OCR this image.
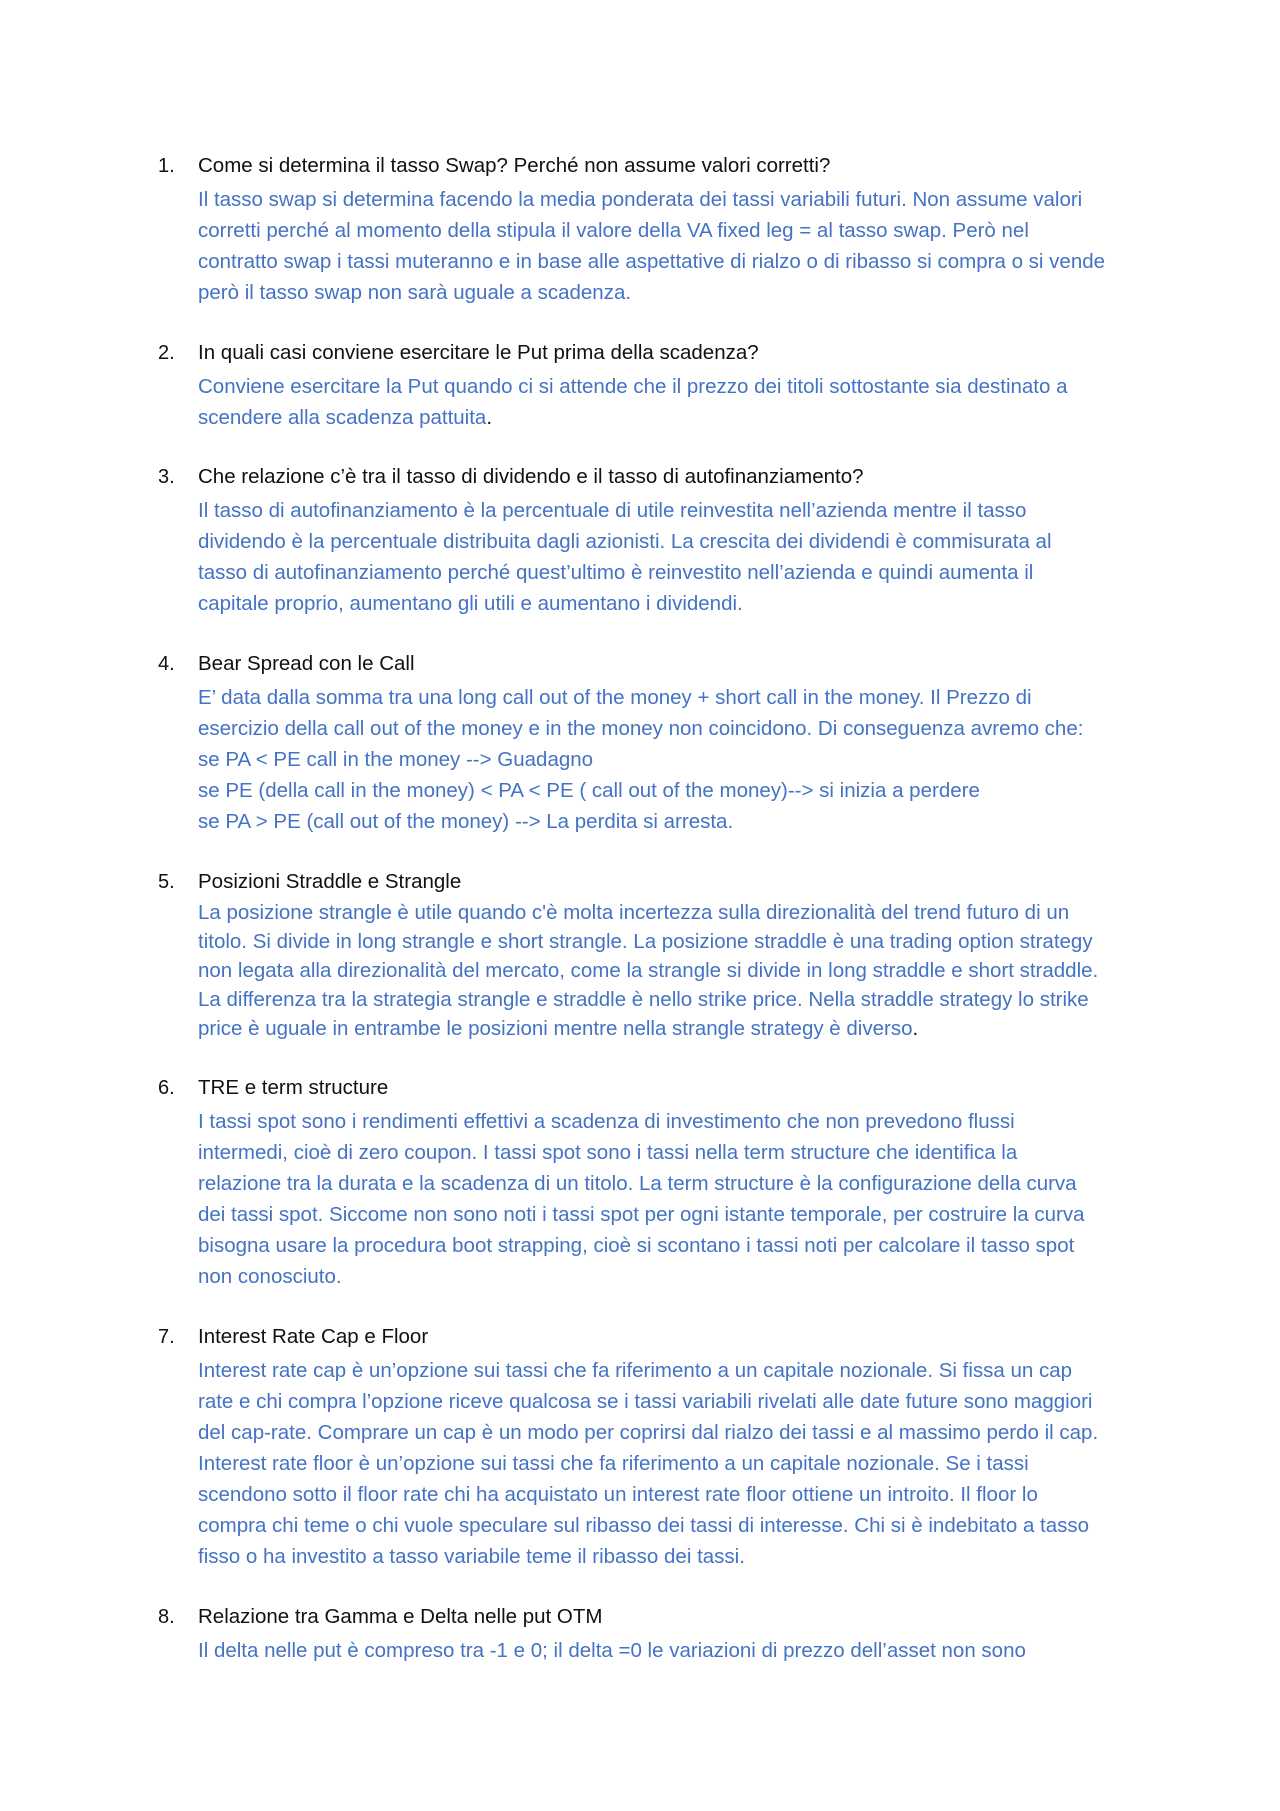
1. Come si determina il tasso Swap? Perché non assume valori corretti?
Il tasso swap si determina facendo la media ponderata dei tassi variabili futuri. Non assume valori
corretti perché al momento della stipula il valore della VA fixed leg = al tasso swap. Però nel
contratto swap i tassi muteranno e in base alle aspettative di rialzo o di ribasso si compra o si vende
però il tasso swap non sarà uguale a scadenza.
2. In quali casi conviene esercitare le Put prima della scadenza?
Conviene esercitare la Put quando ci si attende che il prezzo dei titoli sottostante sia destinato a
scendere alla scadenza pattuita.
3. Che relazione c’è tra il tasso di dividendo e il tasso di autofinanziamento?
Il tasso di autofinanziamento è la percentuale di utile reinvestita nell’azienda mentre il tasso
dividendo è la percentuale distribuita dagli azionisti. La crescita dei dividendi è commisurata al
tasso di autofinanziamento perché quest’ultimo è reinvestito nell’azienda e quindi aumenta il
capitale proprio, aumentano gli utili e aumentano i dividendi.
4. Bear Spread con le Call
E’ data dalla somma tra una long call out of the money + short call in the money. Il Prezzo di
esercizio della call out of the money e in the money non coincidono. Di conseguenza avremo che:
se PA < PE call in the money --> Guadagno
se PE (della call in the money) < PA < PE ( call out of the money)--> si inizia a perdere
se PA > PE (call out of the money) --> La perdita si arresta.
5. Posizioni Straddle e Strangle
La posizione strangle è utile quando c'è molta incertezza sulla direzionalità del trend futuro di un
titolo. Si divide in long strangle e short strangle. La posizione straddle è una trading option strategy
non legata alla direzionalità del mercato, come la strangle si divide in long straddle e short straddle.
La differenza tra la strategia strangle e straddle è nello strike price. Nella straddle strategy lo strike
price è uguale in entrambe le posizioni mentre nella strangle strategy è diverso.
6. TRE e term structure
I tassi spot sono i rendimenti effettivi a scadenza di investimento che non prevedono flussi
intermedi, cioè di zero coupon. I tassi spot sono i tassi nella term structure che identifica la
relazione tra la durata e la scadenza di un titolo. La term structure è la configurazione della curva
dei tassi spot. Siccome non sono noti i tassi spot per ogni istante temporale, per costruire la curva
bisogna usare la procedura boot strapping, cioè si scontano i tassi noti per calcolare il tasso spot
non conosciuto.
7. Interest Rate Cap e Floor
Interest rate cap è un’opzione sui tassi che fa riferimento a un capitale nozionale. Si fissa un cap
rate e chi compra l’opzione riceve qualcosa se i tassi variabili rivelati alle date future sono maggiori
del cap-rate. Comprare un cap è un modo per coprirsi dal rialzo dei tassi e al massimo perdo il cap.
Interest rate floor è un’opzione sui tassi che fa riferimento a un capitale nozionale. Se i tassi
scendono sotto il floor rate chi ha acquistato un interest rate floor ottiene un introito. Il floor lo
compra chi teme o chi vuole speculare sul ribasso dei tassi di interesse. Chi si è indebitato a tasso
fisso o ha investito a tasso variabile teme il ribasso dei tassi.
8. Relazione tra Gamma e Delta nelle put OTM
Il delta nelle put è compreso tra -1 e 0; il delta =0 le variazioni di prezzo dell’asset non sono
